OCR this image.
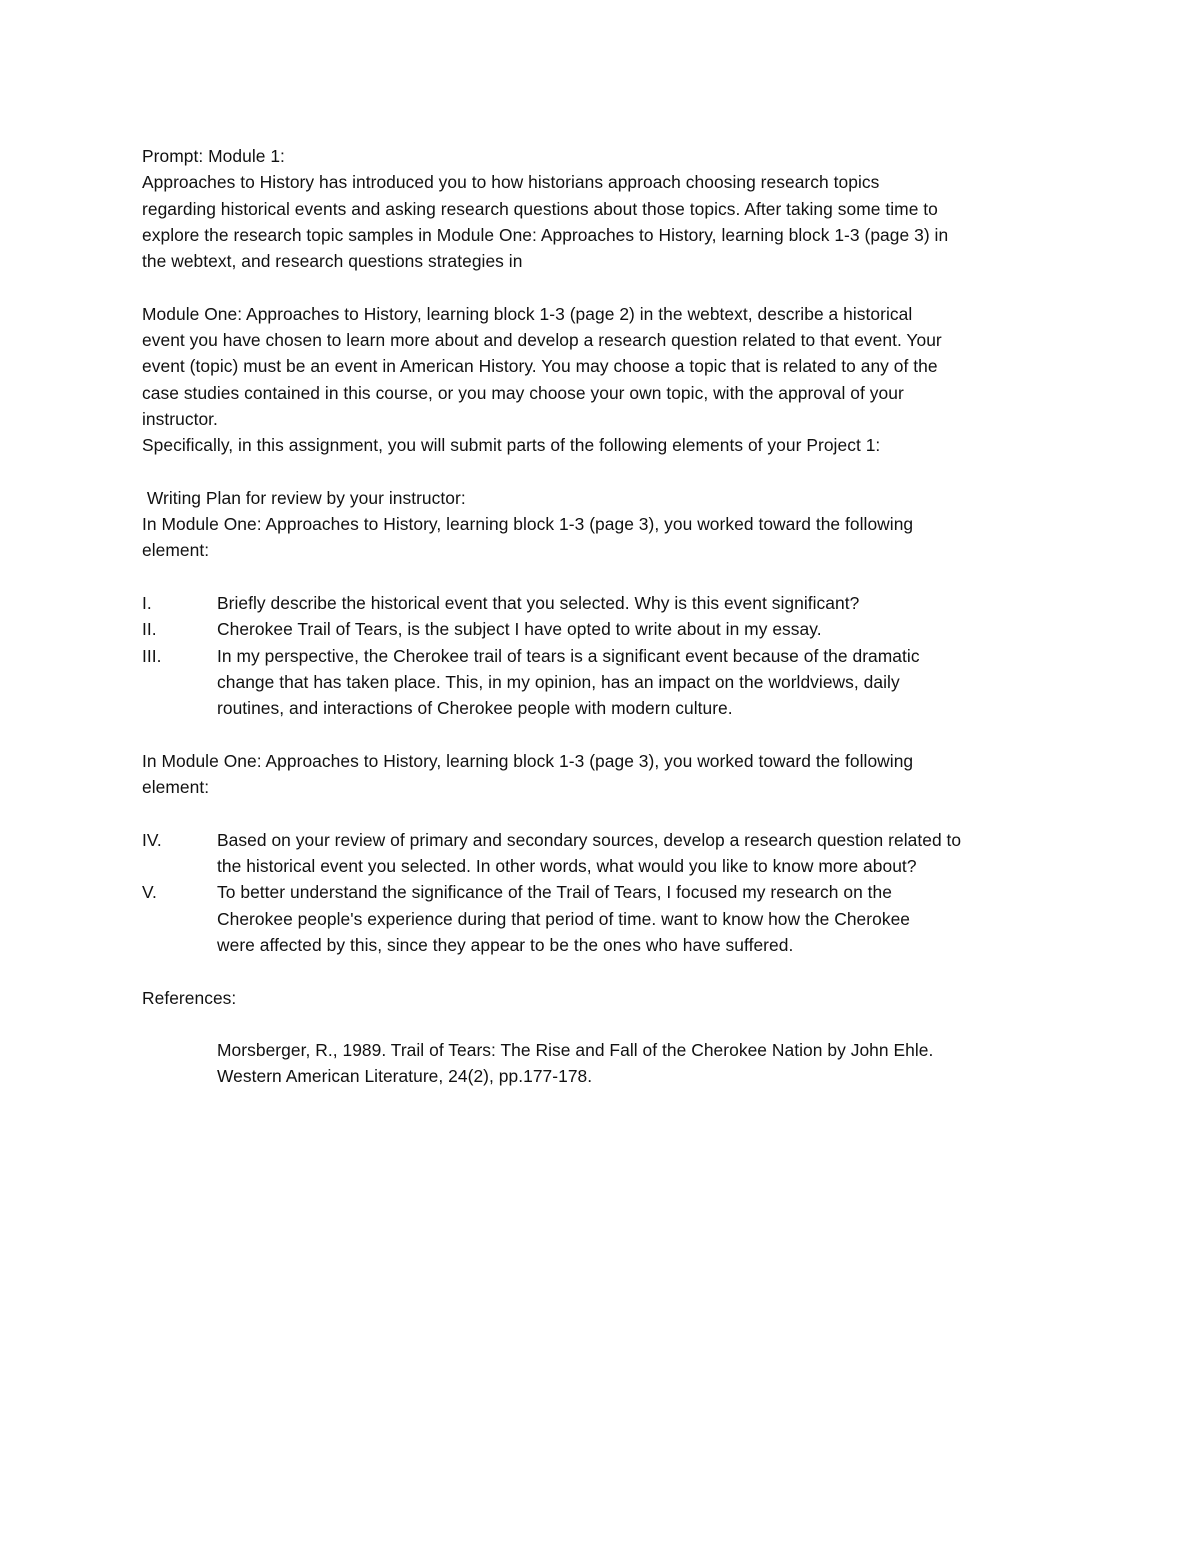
Prompt: Module 1:
Approaches to History has introduced you to how historians approach choosing research topics
regarding historical events and asking research questions about those topics. After taking some time to
explore the research topic samples in Module One: Approaches to History, learning block 1-3 (page 3) in
the webtext, and research questions strategies in
Module One: Approaches to History, learning block 1-3 (page 2) in the webtext, describe a historical
event you have chosen to learn more about and develop a research question related to that event. Your
event (topic) must be an event in American History. You may choose a topic that is related to any of the
case studies contained in this course, or you may choose your own topic, with the approval of your
instructor.
Specifically, in this assignment, you will submit parts of the following elements of your Project 1:
Writing Plan for review by your instructor:
In Module One: Approaches to History, learning block 1-3 (page 3), you worked toward the following
element:
I.	Briefly describe the historical event that you selected. Why is this event significant?
II.	Cherokee Trail of Tears, is the subject I have opted to write about in my essay.
III.	In my perspective, the Cherokee trail of tears is a significant event because of the dramatic
change that has taken place. This, in my opinion, has an impact on the worldviews, daily
routines, and interactions of Cherokee people with modern culture.
In Module One: Approaches to History, learning block 1-3 (page 3), you worked toward the following
element:
IV.	Based on your review of primary and secondary sources, develop a research question related to
the historical event you selected. In other words, what would you like to know more about?
V.	To better understand the significance of the Trail of Tears, I focused my research on the
Cherokee people's experience during that period of time. want to know how the Cherokee
were affected by this, since they appear to be the ones who have suffered.
References:
Morsberger, R., 1989. Trail of Tears: The Rise and Fall of the Cherokee Nation by John Ehle.
Western American Literature, 24(2), pp.177-178.
